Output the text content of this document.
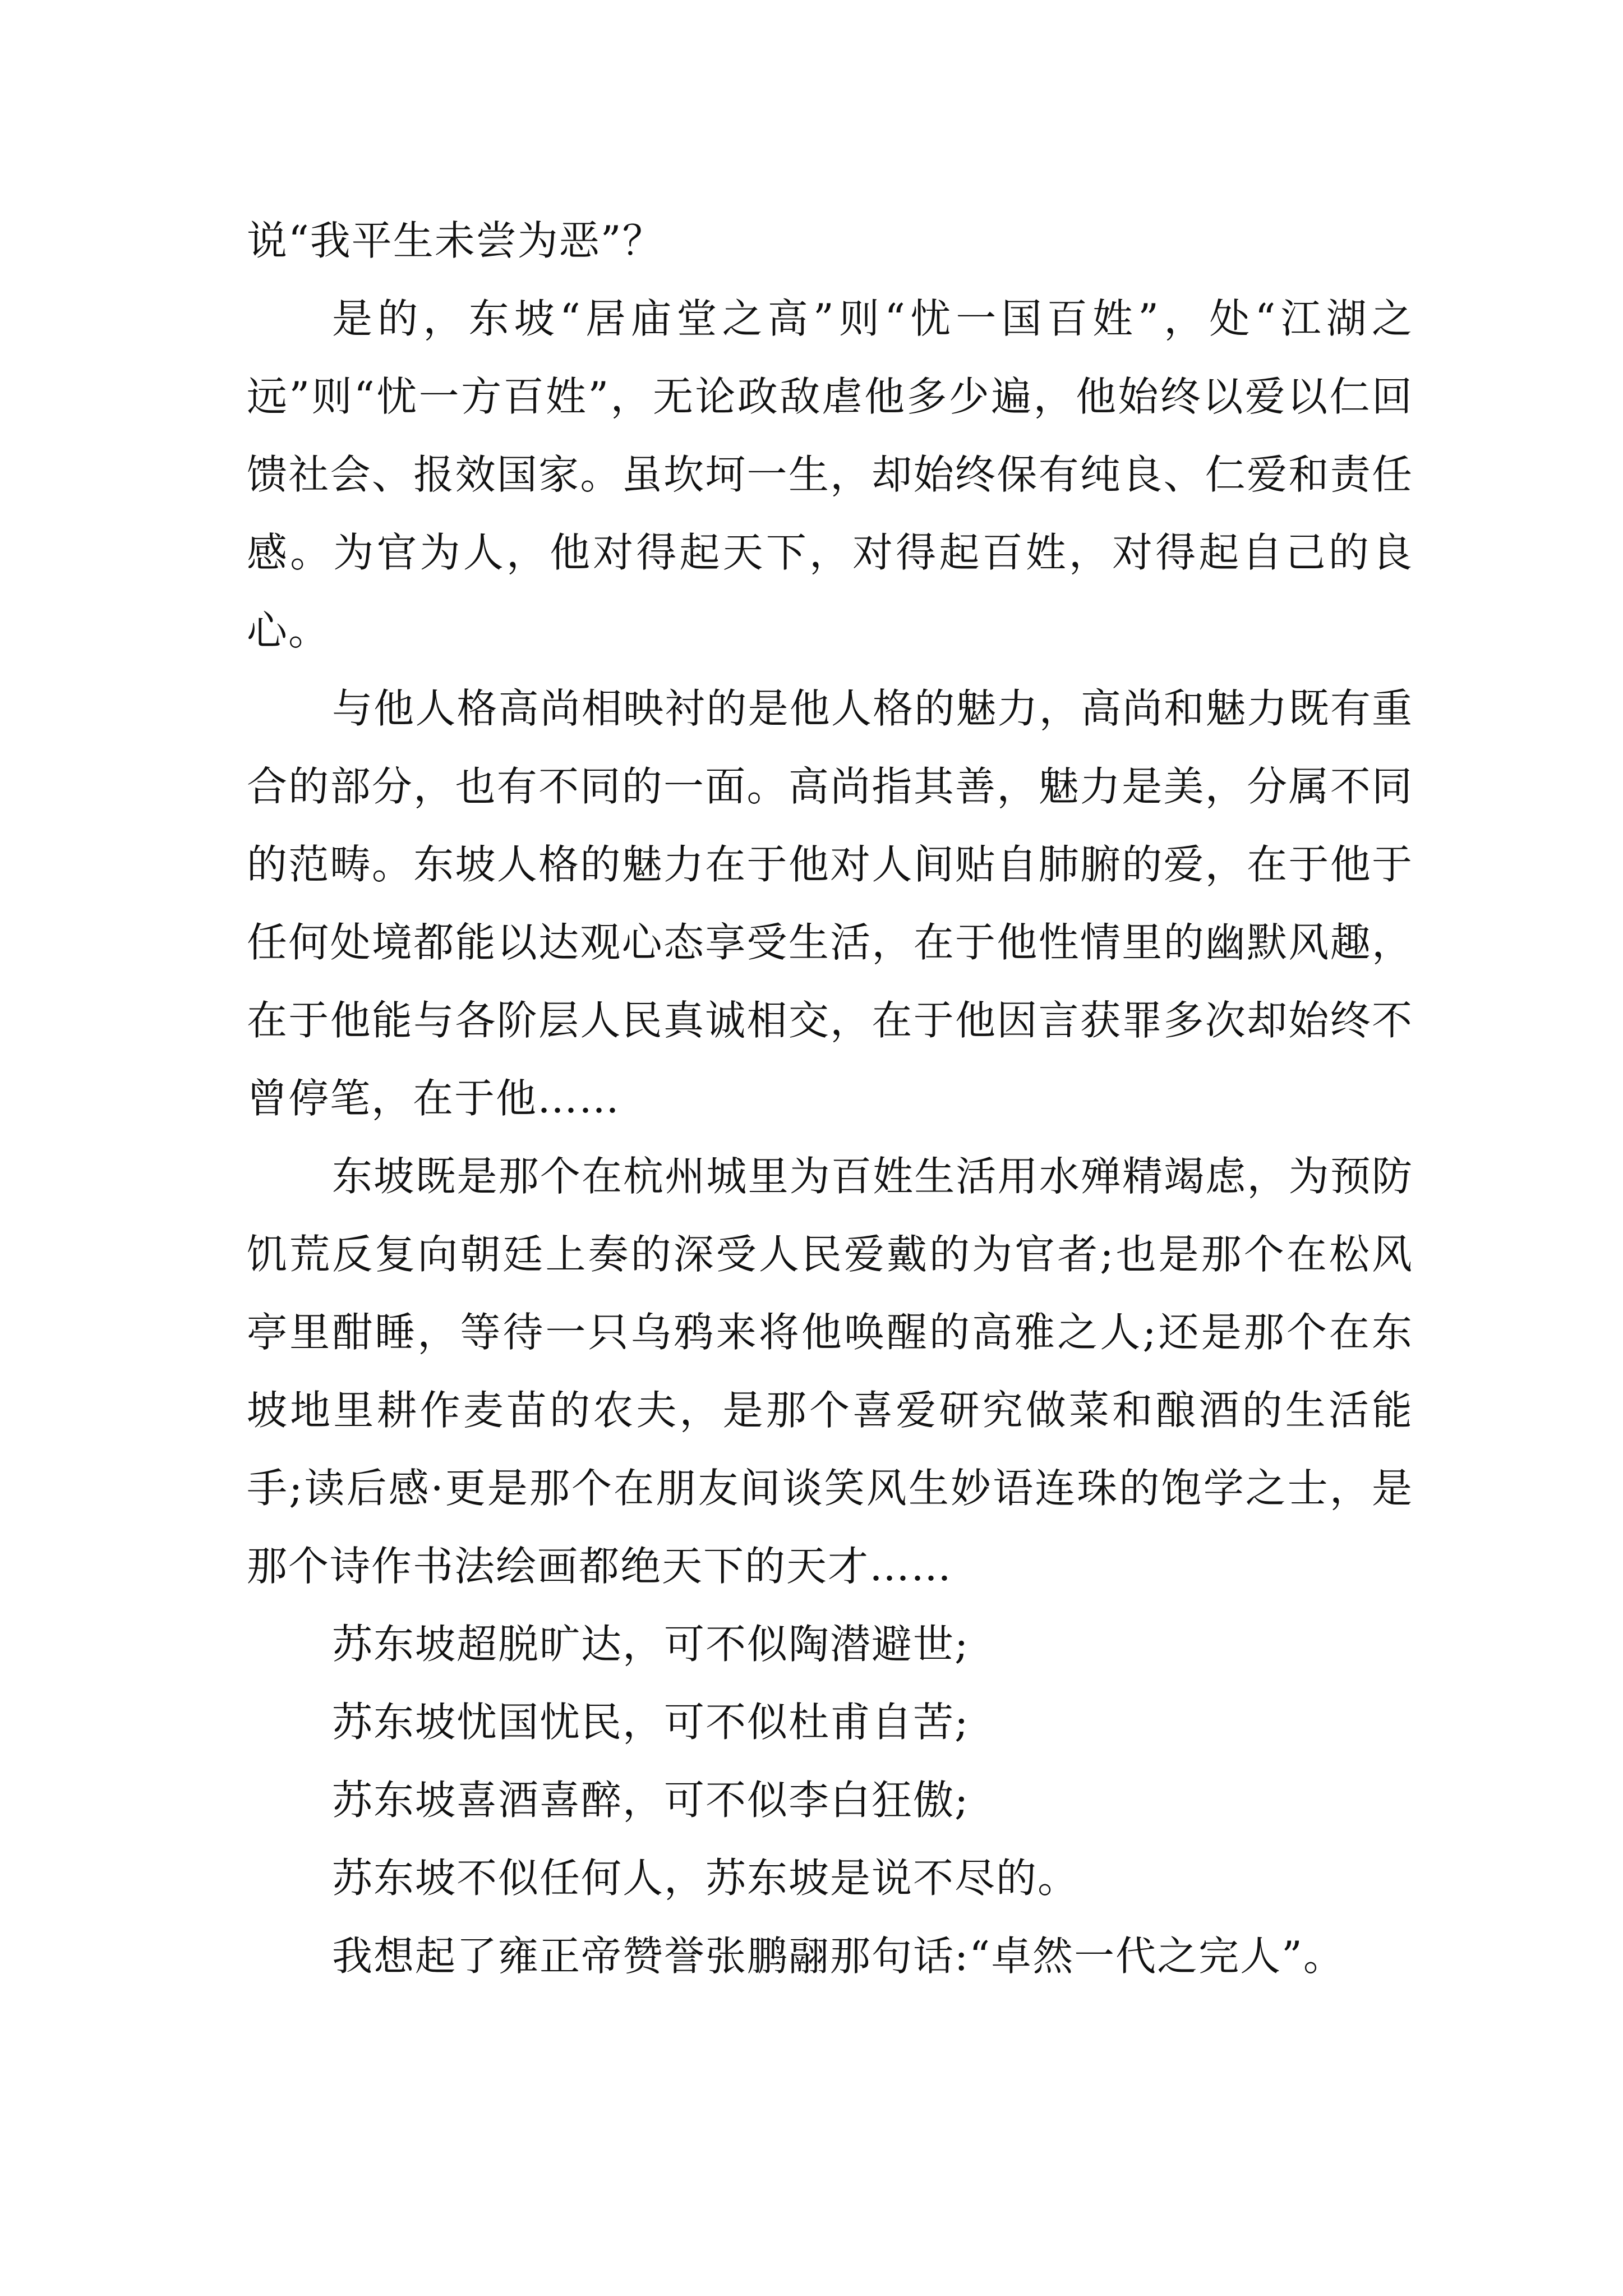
说“我平生未尝为恶”？

是的，东坡“居庙堂之高”则“忧一国百姓”，处“江湖之远”则“忧一方百姓”，无论政敌虐他多少遍，他始终以爱以仁回馈社会、报效国家。虽坎坷一生，却始终保有纯良、仁爱和责任感。为官为人，他对得起天下，对得起百姓，对得起自己的良心。

与他人格高尚相映衬的是他人格的魅力，高尚和魅力既有重合的部分，也有不同的一面。高尚指其善，魅力是美，分属不同的范畴。东坡人格的魅力在于他对人间贴自肺腑的爱，在于他于任何处境都能以达观心态享受生活，在于他性情里的幽默风趣，在于他能与各阶层人民真诚相交，在于他因言获罪多次却始终不曾停笔，在于他……

东坡既是那个在杭州城里为百姓生活用水殚精竭虑，为预防饥荒反复向朝廷上奏的深受人民爱戴的为官者;也是那个在松风亭里酣睡，等待一只乌鸦来将他唤醒的高雅之人;还是那个在东坡地里耕作麦苗的农夫，是那个喜爱研究做菜和酿酒的生活能手;读后感·更是那个在朋友间谈笑风生妙语连珠的饱学之士，是那个诗作书法绘画都绝天下的天才……

苏东坡超脱旷达，可不似陶潜避世;

苏东坡忧国忧民，可不似杜甫自苦;

苏东坡喜酒喜醉，可不似李白狂傲;

苏东坡不似任何人，苏东坡是说不尽的。

我想起了雍正帝赞誉张鹏翮那句话:“卓然一代之完人”。
